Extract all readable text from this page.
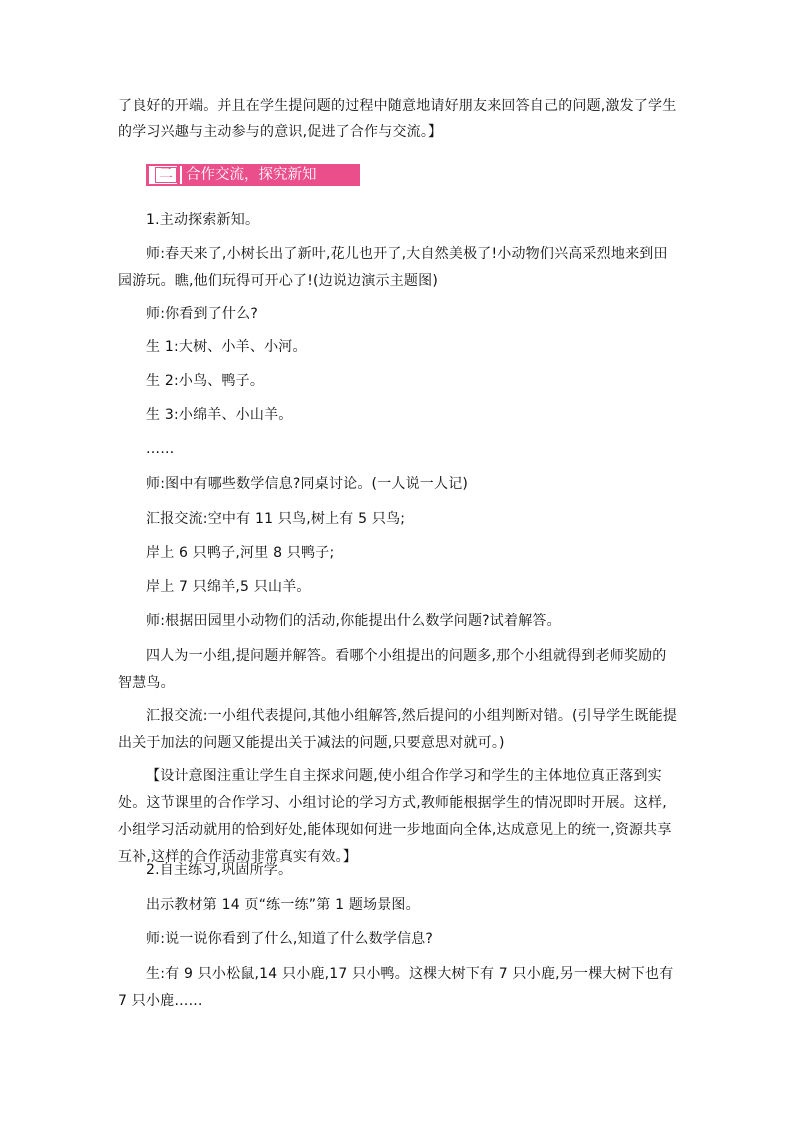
了良好的开端。并且在学生提问题的过程中随意地请好朋友来回答自己的问题,激发了学生

的学习兴趣与主动参与的意识,促进了合作与交流。】

二 合作交流，探究新知

1.主动探索新知。

师:春天来了,小树长出了新叶,花儿也开了,大自然美极了!小动物们兴高采烈地来到田园游玩。瞧,他们玩得可开心了!(边说边演示主题图)

师:你看到了什么?

生 1:大树、小羊、小河。

生 2:小鸟、鸭子。

生 3:小绵羊、小山羊。

……

师:图中有哪些数学信息?同桌讨论。(一人说一人记)

汇报交流:空中有 11 只鸟,树上有 5 只鸟;

岸上 6 只鸭子,河里 8 只鸭子;

岸上 7 只绵羊,5 只山羊。

师:根据田园里小动物们的活动,你能提出什么数学问题?试着解答。

四人为一小组,提问题并解答。看哪个小组提出的问题多,那个小组就得到老师奖励的智慧鸟。

汇报交流:一小组代表提问,其他小组解答,然后提问的小组判断对错。(引导学生既能提出关于加法的问题又能提出关于减法的问题,只要意思对就可。)

【设计意图注重让学生自主探求问题,使小组合作学习和学生的主体地位真正落到实处。这节课里的合作学习、小组讨论的学习方式,教师能根据学生的情况即时开展。这样,小组学习活动就用的恰到好处,能体现如何进一步地面向全体,达成意见上的统一,资源共享互补,这样的合作活动非常真实有效。】

2.自主练习,巩固所学。

出示教材第 14 页“练一练”第 1 题场景图。

师:说一说你看到了什么,知道了什么数学信息?

生:有 9 只小松鼠,14 只小鹿,17 只小鸭。这棵大树下有 7 只小鹿,另一棵大树下也有 7 只小鹿……
